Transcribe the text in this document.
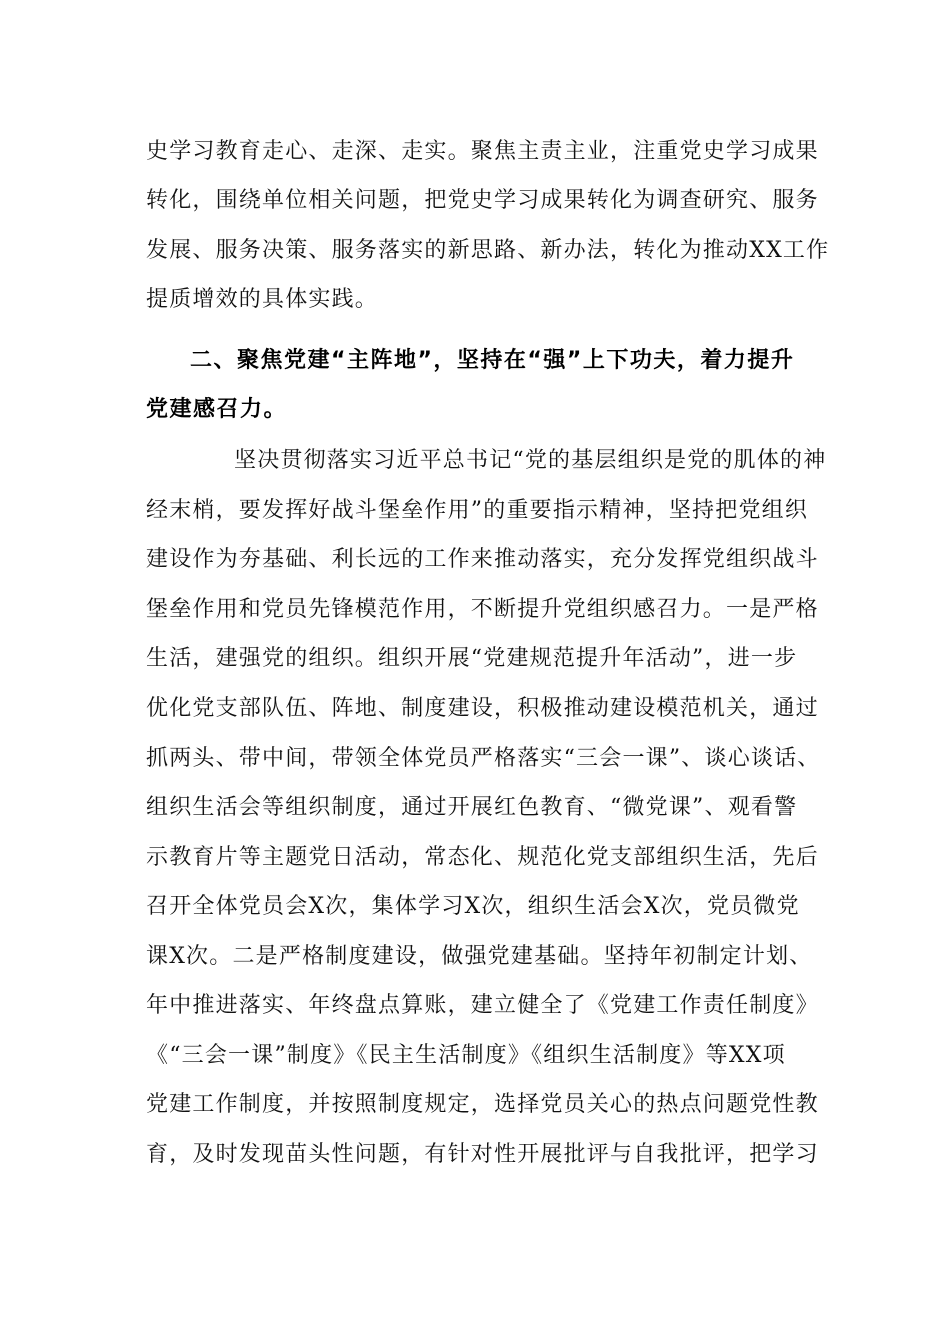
史学习教育走心、走深、走实。聚焦主责主业，注重党史学习成果
转化，围绕单位相关问题，把党史学习成果转化为调查研究、服务
发展、服务决策、服务落实的新思路、新办法，转化为推动XX工作
提质增效的具体实践。
二、聚焦党建“主阵地”，坚持在“强”上下功夫，着力提升
党建感召力。
坚决贯彻落实习近平总书记“党的基层组织是党的肌体的神
经末梢，要发挥好战斗堡垒作用”的重要指示精神，坚持把党组织
建设作为夯基础、利长远的工作来推动落实，充分发挥党组织战斗
堡垒作用和党员先锋模范作用，不断提升党组织感召力。一是严格
生活，建强党的组织。组织开展“党建规范提升年活动”，进一步
优化党支部队伍、阵地、制度建设，积极推动建设模范机关，通过
抓两头、带中间，带领全体党员严格落实“三会一课”、谈心谈话、
组织生活会等组织制度，通过开展红色教育、“微党课”、观看警
示教育片等主题党日活动，常态化、规范化党支部组织生活，先后
召开全体党员会X次，集体学习X次，组织生活会X次，党员微党
课X次。二是严格制度建设，做强党建基础。坚持年初制定计划、
年中推进落实、年终盘点算账，建立健全了《党建工作责任制度》
《“三会一课”制度》《民主生活制度》《组织生活制度》等XX项
党建工作制度，并按照制度规定，选择党员关心的热点问题党性教
育，及时发现苗头性问题，有针对性开展批评与自我批评，把学习
